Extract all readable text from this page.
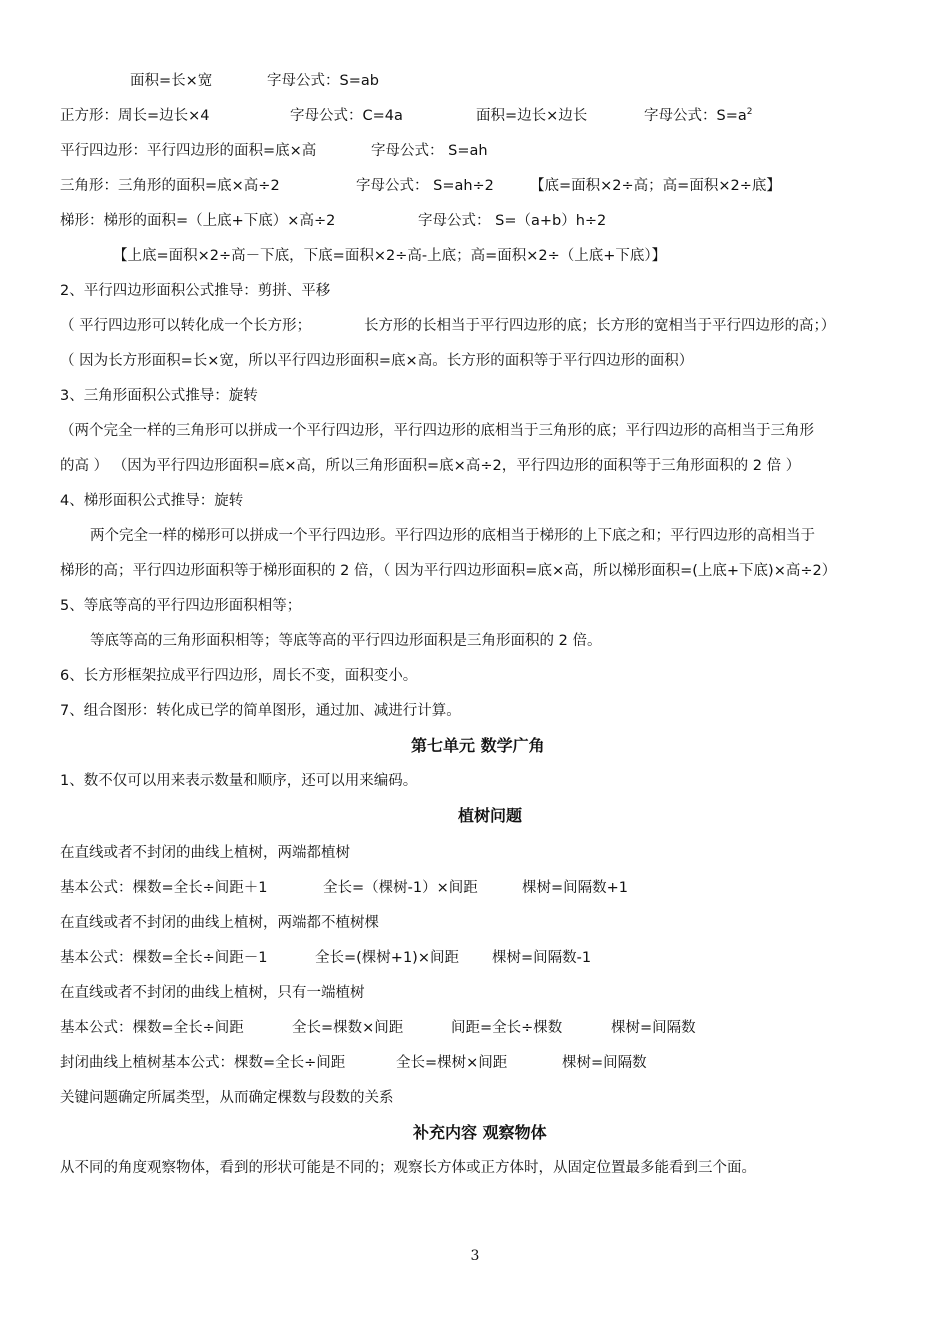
3
面积=长×宽	字母公式：S=ab
正方形：周长=边长×4	字母公式：C=4a	面积=边长×边长	字母公式：$S=a^2$
平行四边形：平行四边形的面积=底×高	字母公式： S=ah
三角形：三角形的面积=底×高÷2	字母公式： S=ah÷2 【底=面积×2÷高；高=面积×2÷底】
梯形：梯形的面积=（上底+下底）×高÷2	字母公式： S=（a+b）h÷2
【上底=面积×2÷高－下底，下底=面积×2÷高-上底；高=面积×2÷（上底+下底）】
2、平行四边形面积公式推导：剪拼、平移
（ 平行四边形可以转化成一个长方形；	长方形的长相当于平行四边形的底；长方形的宽相当于平行四边形的高；）
（ 因为长方形面积=长×宽，所以平行四边形面积=底×高。长方形的面积等于平行四边形的面积）
3、三角形面积公式推导：旋转
（两个完全一样的三角形可以拼成一个平行四边形，平行四边形的底相当于三角形的底；平行四边形的高相当于三角形
的高 ） （因为平行四边形面积=底×高，所以三角形面积=底×高÷2，平行四边形的面积等于三角形面积的 2 倍 ）
4、梯形面积公式推导：旋转
两个完全一样的梯形可以拼成一个平行四边形。平行四边形的底相当于梯形的上下底之和；平行四边形的高相当于
梯形的高；平行四边形面积等于梯形面积的 2 倍，（ 因为平行四边形面积=底×高，所以梯形面积=(上底+下底)×高÷2）
5、等底等高的平行四边形面积相等；
等底等高的三角形面积相等；等底等高的平行四边形面积是三角形面积的 2 倍。
6、长方形框架拉成平行四边形，周长不变，面积变小。
7、组合图形：转化成已学的简单图形，通过加、减进行计算。
第七单元 数学广角
1、数不仅可以用来表示数量和顺序，还可以用来编码。
植树问题
在直线或者不封闭的曲线上植树，两端都植树
基本公式：棵数=全长÷间距＋1	全长=（棵树-1）×间距	棵树=间隔数+1
在直线或者不封闭的曲线上植树，两端都不植树棵
基本公式：棵数=全长÷间距－1	全长=(棵树+1)×间距 棵树=间隔数-1
在直线或者不封闭的曲线上植树，只有一端植树
基本公式：棵数=全长÷间距	全长=棵数×间距	间距=全长÷棵数	棵树=间隔数
封闭曲线上植树基本公式：棵数=全长÷间距	全长=棵树×间距	棵树=间隔数
关键问题确定所属类型，从而确定棵数与段数的关系
补充内容 观察物体
从不同的角度观察物体，看到的形状可能是不同的；观察长方体或正方体时，从固定位置最多能看到三个面。
